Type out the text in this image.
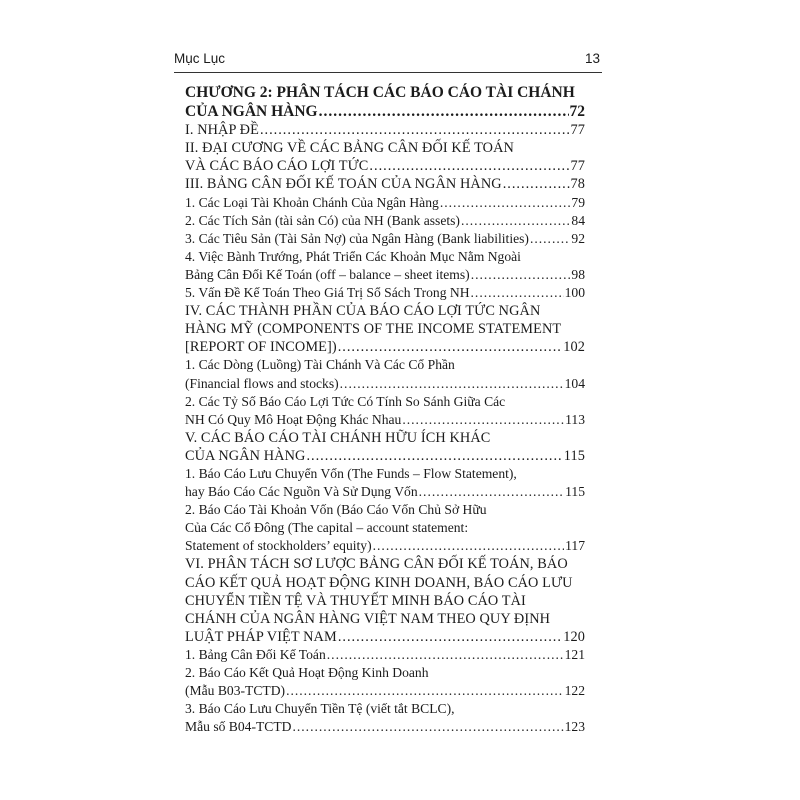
Mục Lục	13
CHƯƠNG 2: PHÂN TÁCH CÁC BÁO CÁO TÀI CHÁNH
CỦA NGÂN HÀNG .....	72
I. NHẬP ĐỀ .....	77
II. ĐẠI CƯƠNG VỀ CÁC BẢNG CÂN ĐỐI KẾ TOÁN
VÀ CÁC BÁO CÁO LỢI TỨC .....	77
III. BẢNG CÂN ĐỐI KẾ TOÁN CỦA NGÂN HÀNG .....	78
1. Các Loại Tài Khoản Chánh Của Ngân Hàng .....	79
2. Các Tích Sản (tài sản Có) của NH (Bank assets) .....	84
3. Các Tiêu Sản (Tài Sản Nợ) của Ngân Hàng (Bank liabilities) .....	92
4. Việc Bành Trướng, Phát Triển Các Khoản Mục Nằm Ngoài
Bảng Cân Đối Kế Toán (off – balance – sheet items) .....	98
5. Vấn Đề Kế Toán Theo Giá Trị Sổ Sách Trong NH .....	100
IV. CÁC THÀNH PHẦN CỦA BÁO CÁO LỢI TỨC NGÂN
HÀNG MỸ (COMPONENTS OF THE INCOME STATEMENT
[REPORT OF INCOME]) .....	102
1. Các Dòng (Luồng) Tài Chánh Và Các Cổ Phần
(Financial flows and stocks) .....	104
2. Các Tỷ Số Báo Cáo Lợi Tức Có Tính So Sánh Giữa Các
NH Có Quy Mô Hoạt Động Khác Nhau .....	113
V. CÁC BÁO CÁO TÀI CHÁNH HỮU ÍCH KHÁC
CỦA NGÂN HÀNG .....	115
1. Báo Cáo Lưu Chuyển Vốn (The Funds – Flow Statement),
hay Báo Cáo Các Nguồn Và Sử Dụng Vốn .....	115
2. Báo Cáo Tài Khoản Vốn (Báo Cáo Vốn Chủ Sở Hữu
Của Các Cổ Đông (The capital – account statement:
Statement of stockholders’ equity) .....	117
VI. PHÂN TÁCH SƠ LƯỢC BẢNG CÂN ĐỐI KẾ TOÁN, BÁO
CÁO KẾT QUẢ HOẠT ĐỘNG KINH DOANH, BÁO CÁO LƯU
CHUYỂN TIỀN TỆ VÀ THUYẾT MINH BÁO CÁO TÀI
CHÁNH CỦA NGÂN HÀNG VIỆT NAM THEO QUY ĐỊNH
LUẬT PHÁP VIỆT NAM .....	120
1. Bảng Cân Đối Kế Toán .....	121
2. Báo Cáo Kết Quả Hoạt Động Kinh Doanh
(Mẫu B03-TCTD) .....	122
3. Báo Cáo Lưu Chuyển Tiền Tệ (viết tắt BCLC),
Mẫu số B04-TCTD .....	123
